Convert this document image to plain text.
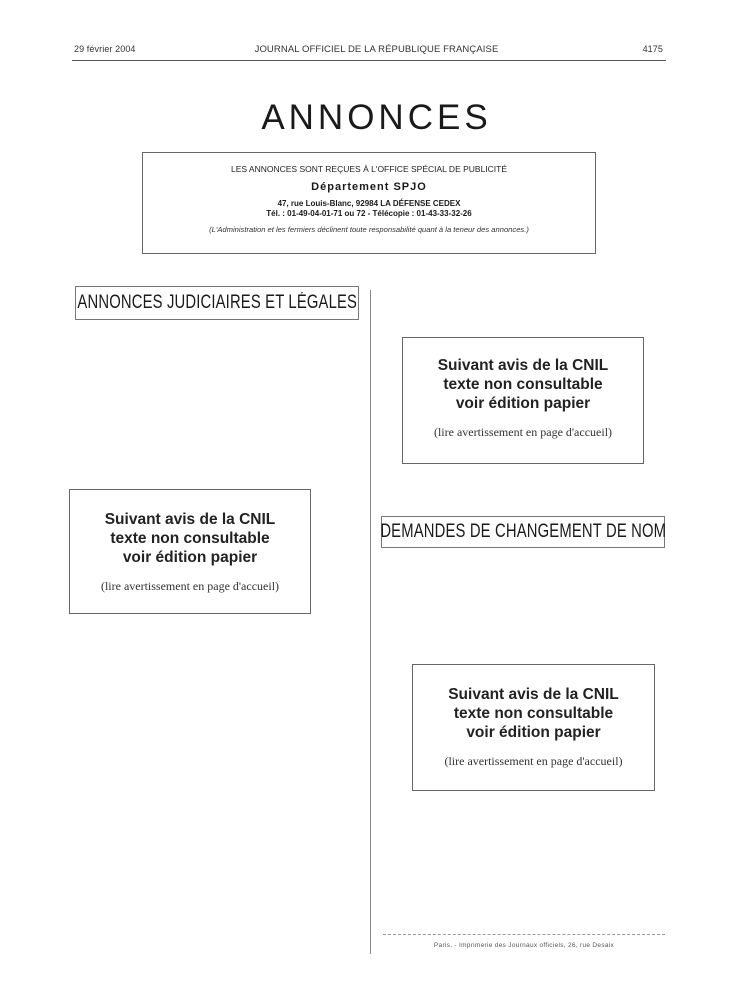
29 février 2004	JOURNAL OFFICIEL DE LA RÉPUBLIQUE FRANÇAISE	4175
ANNONCES
LES ANNONCES SONT REÇUES À L'OFFICE SPÉCIAL DE PUBLICITÉ
Département SPJO
47, rue Louis-Blanc, 92984 LA DÉFENSE CEDEX
Tél. : 01-49-04-01-71 ou 72 - Télécopie : 01-43-33-32-26
(L'Administration et les fermiers déclinent toute responsabilité quant à la teneur des annonces.)
ANNONCES JUDICIAIRES ET LÉGALES
Suivant avis de la CNIL
texte non consultable
voir édition papier
(lire avertissement en page d'accueil)
Suivant avis de la CNIL
texte non consultable
voir édition papier
(lire avertissement en page d'accueil)
DEMANDES DE CHANGEMENT DE NOM
Suivant avis de la CNIL
texte non consultable
voir édition papier
(lire avertissement en page d'accueil)
Paris. - Imprimerie des Journaux officiels, 26, rue Desaix
